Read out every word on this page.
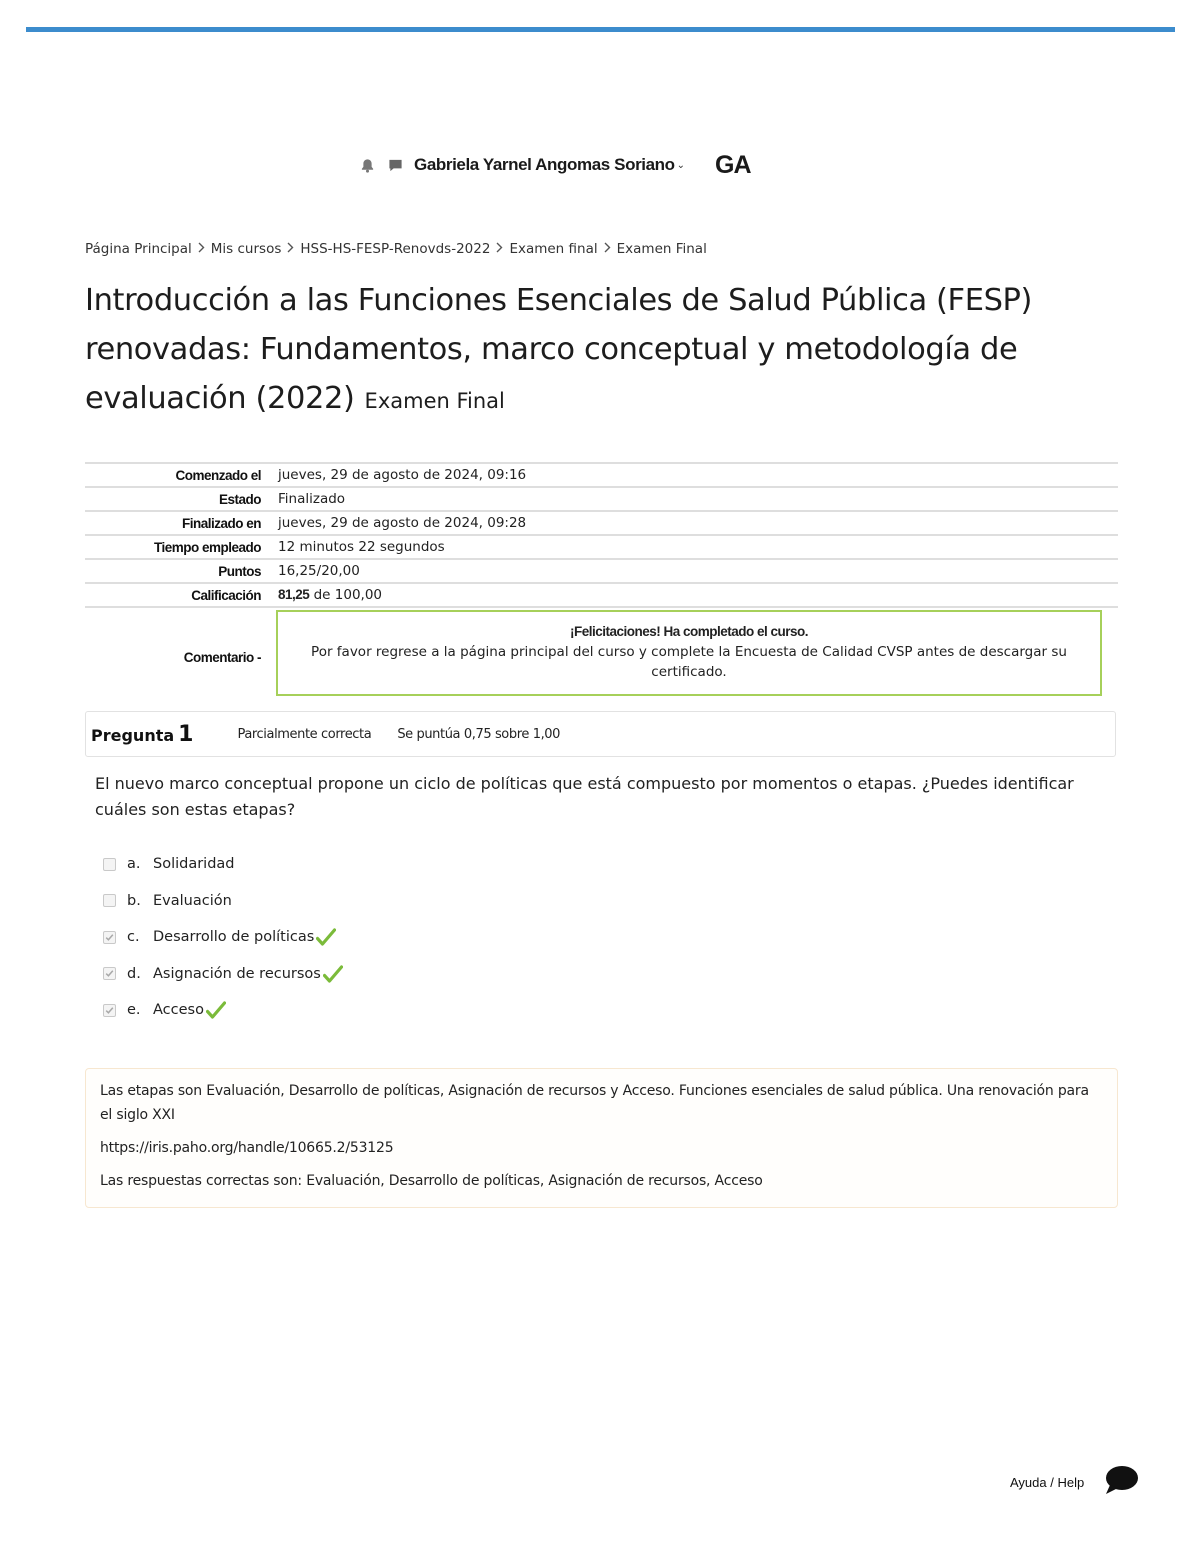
Gabriela Yarnel Angomas Soriano ⌄ GA
Página Principal Mis cursos HSS-HS-FESP-Renovds-2022 Examen final Examen Final
Introducción a las Funciones Esenciales de Salud Pública (FESP) renovadas: Fundamentos, marco conceptual y metodología de evaluación (2022) Examen Final
Comenzado el	jueves, 29 de agosto de 2024, 09:16
Estado	Finalizado
Finalizado en	jueves, 29 de agosto de 2024, 09:28
Tiempo empleado	12 minutos 22 segundos
Puntos	16,25/20,00
Calificación	81,25 de 100,00
Comentario -	¡Felicitaciones! Ha completado el curso.
Por favor regrese a la página principal del curso y complete la Encuesta de Calidad CVSP antes de descargar su certificado.
Pregunta 1	Parcialmente correcta Se puntúa 0,75 sobre 1,00

El nuevo marco conceptual propone un ciclo de políticas que está compuesto por momentos o etapas. ¿Puedes identificar cuáles son estas etapas?

a. Solidaridad
b. Evaluación
c. Desarrollo de políticas
d. Asignación de recursos
e. Acceso

Las etapas son Evaluación, Desarrollo de políticas, Asignación de recursos y Acceso. Funciones esenciales de salud pública. Una renovación para el siglo XXI

https://iris.paho.org/handle/10665.2/53125

Las respuestas correctas son: Evaluación, Desarrollo de políticas, Asignación de recursos, Acceso

Ayuda / Help
